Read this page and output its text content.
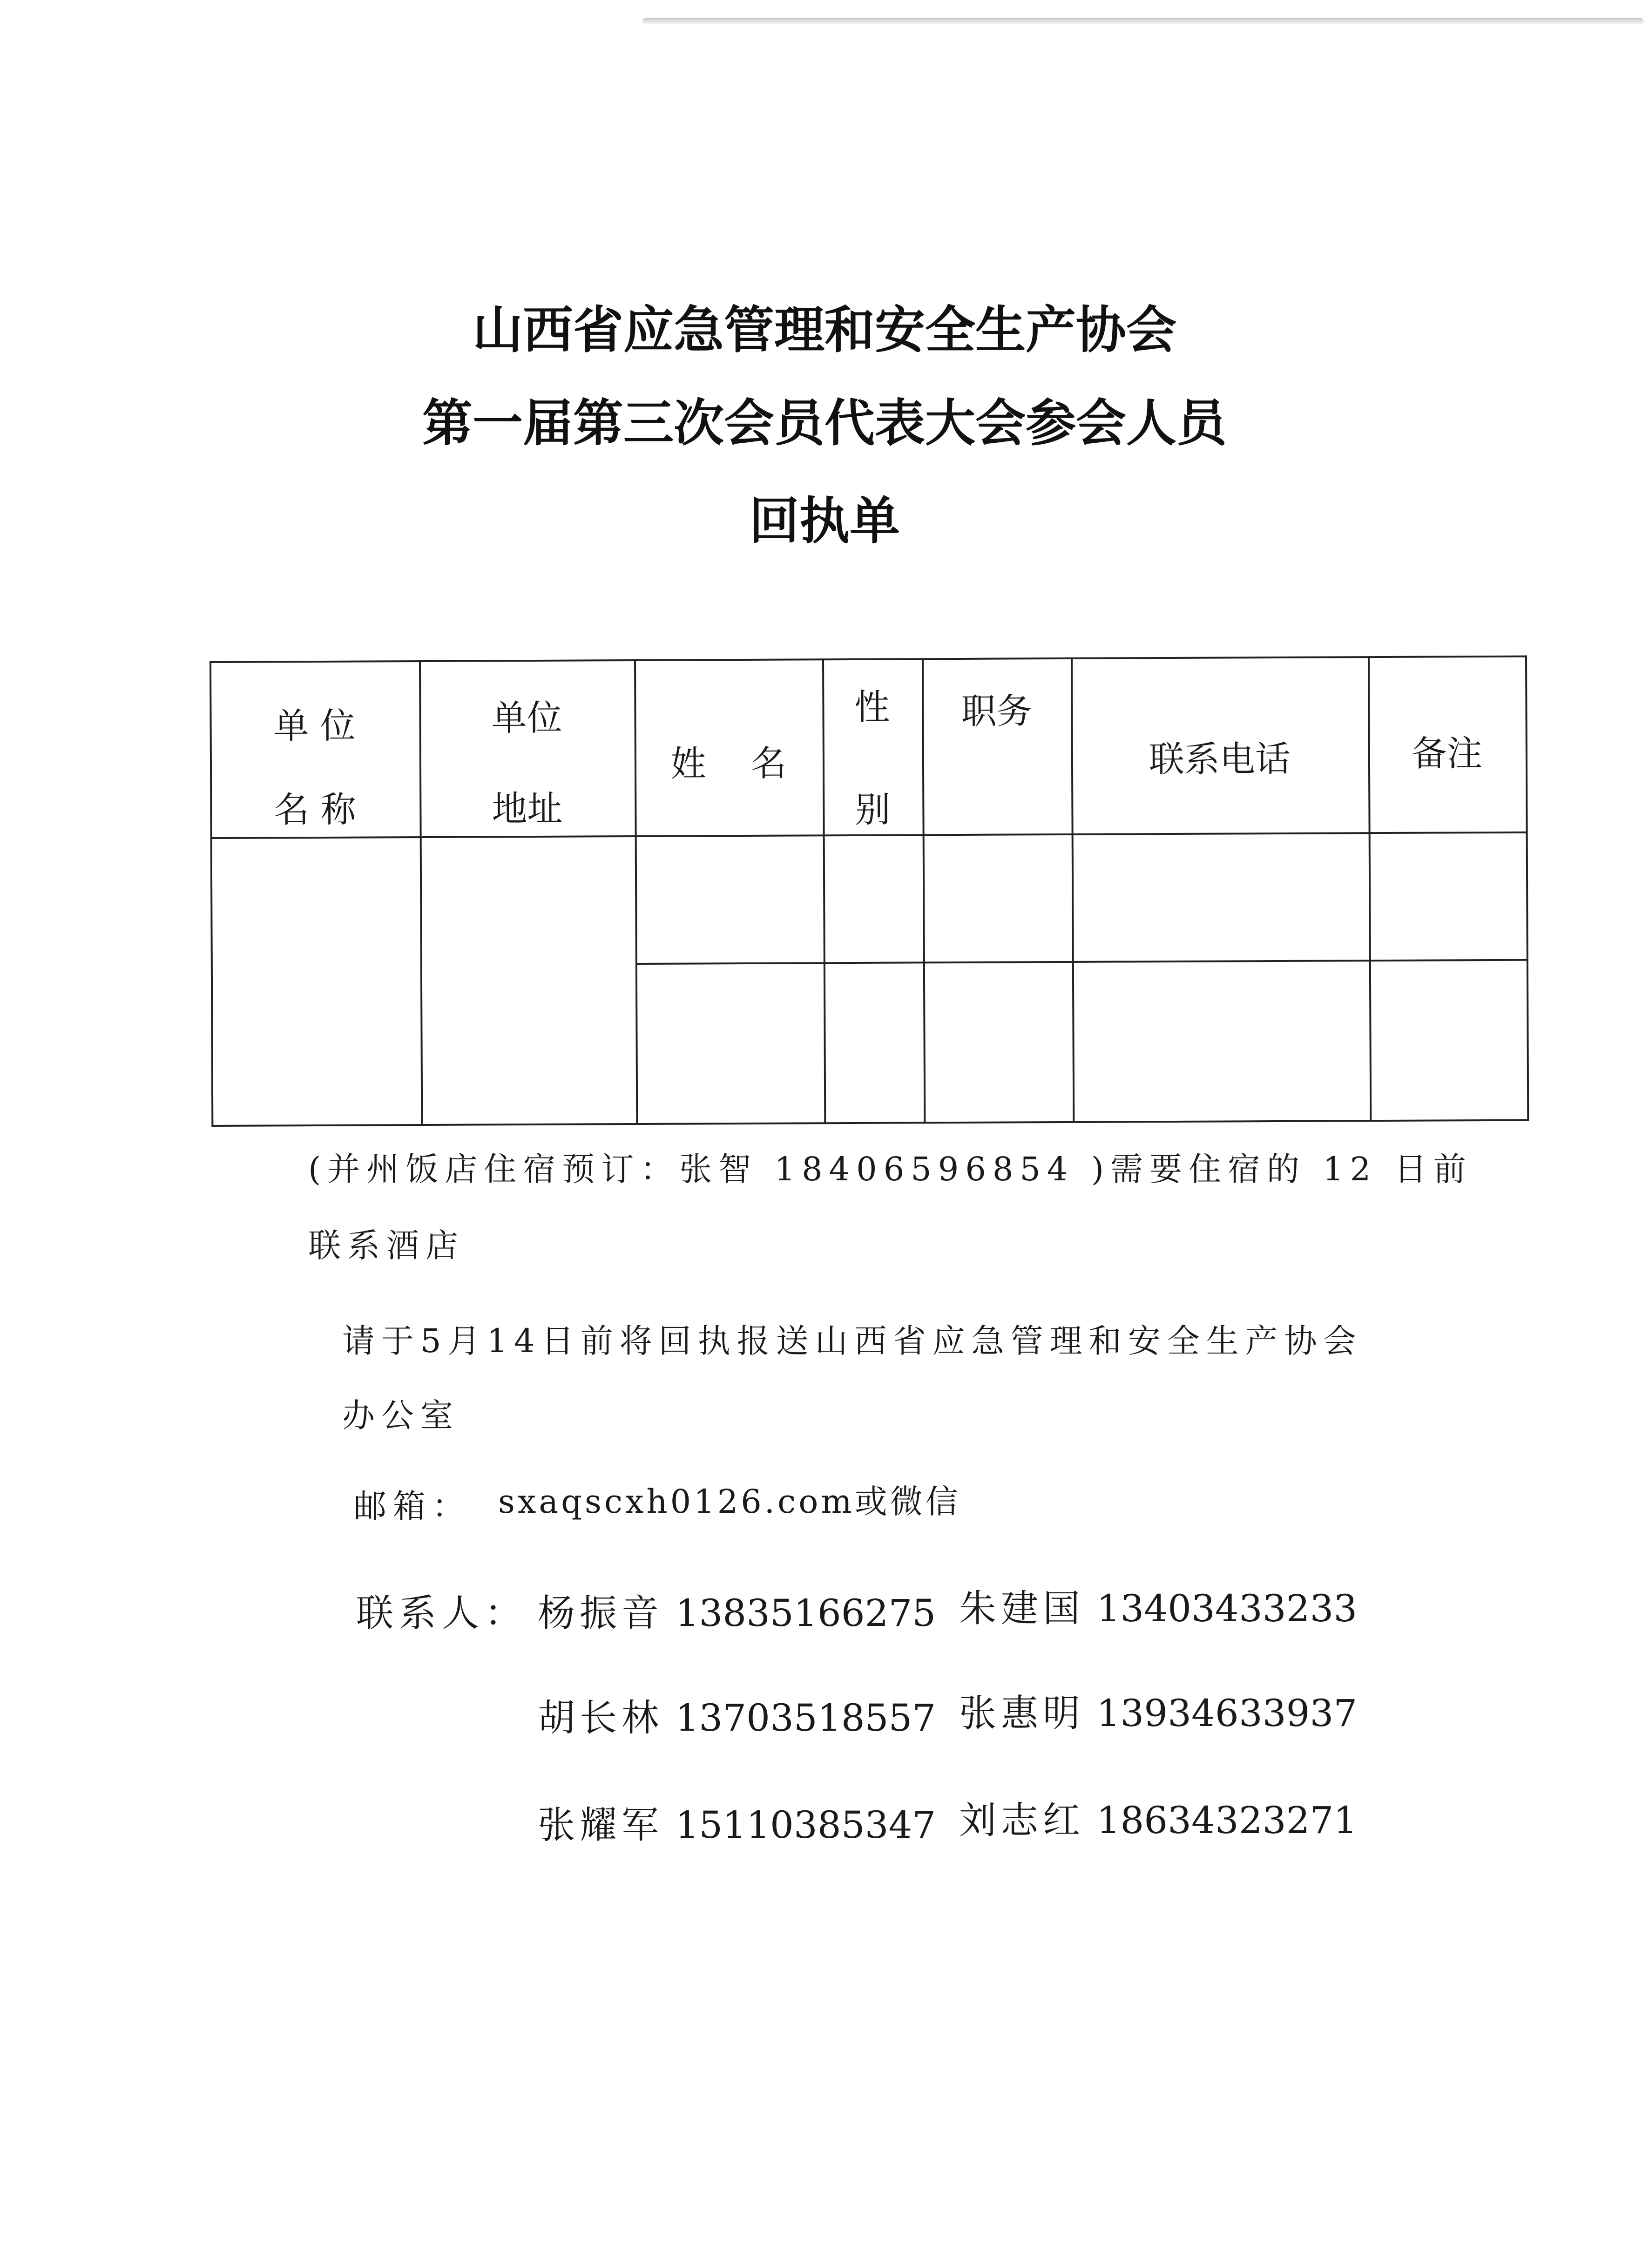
山西省应急管理和安全生产协会
第一届第三次会员代表大会参会人员
回执单
单 位
名 称
单位
地址
姓    名
性
别
职务
联系电话	备注
(并州饭店住宿预订：张智 18406596854 )需要住宿的 12 日前
联系酒店
请于5月14日前将回执报送山西省应急管理和安全生产协会
办公室
邮箱： sxaqscxh0126.com或微信
联系人： 杨振音 13835166275 朱建国 13403433233
胡长林 13703518557 张惠明 13934633937
张耀军 15110385347 刘志红 18634323271
